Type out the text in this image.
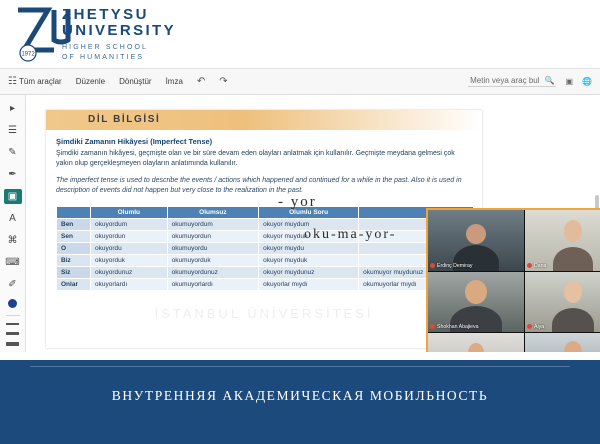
1972
ZHETYSU
UNIVERSITY
HIGHER SCHOOL
OF HUMANITIES
☷ Tüm araçlar Düzenle Dönüştür İmza ↶ ↷	Metin veya araç bul 🔍 ▣ 🌐
▸
☰
✎
✒
▣
A
⌘
⌨
✐
DİL BİLGİSİ
Şimdiki Zamanın Hikâyesi (Imperfect Tense)
Şimdiki zamanın hikâyesi, geçmişte olan ve bir süre devam eden olayları anlatmak için kullanılır. Geçmişte meydana gelmesi çok yakın olup gerçekleşmeyen olayların anlatımında kullanılır.
The imperfect tense is used to describe the events / actions which happened and continued for a while in the past. Also it is used in description of events did not happen but very close to the realization in the past.
	Olumlu	Olumsuz	Olumlu Soru	
Ben	okuyordum	okumuyordum	okuyor muydum	
Sen	okuyordun	okumuyordun	okuyor muydun	
O	okuyordu	okumuyordu	okuyor muydu	
Biz	okuyorduk	okumuyorduk	okuyor muyduk	
Siz	okuyordunuz	okumuyordunuz	okuyor muydunuz	okumuyor muydunuz
Onlar	okuyorlardı	okumuyorlardı	okuyorlar mıydı	okumuyorlar mıydı
İSTANBUL ÜNİVERSİTESİ
- yor
oku-ma-yor-
Erdinç Demiray	Dana
Shokhan Abajieva	Aiya
ВНУТРЕННЯЯ АКАДЕМИЧЕСКАЯ МОБИЛЬНОСТЬ
